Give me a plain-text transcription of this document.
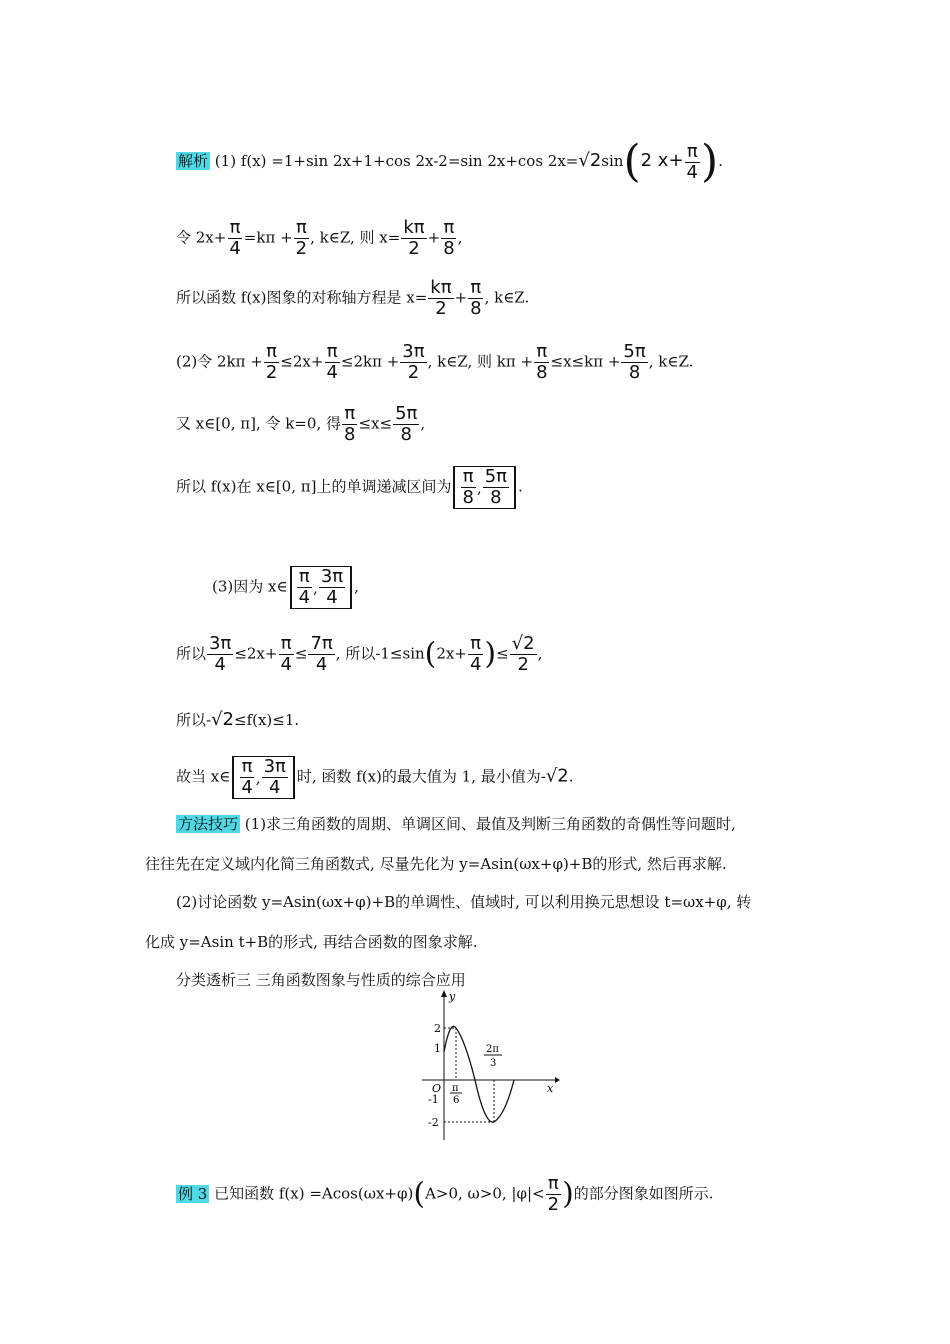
解析 (1) f(x) =1+sin 2x+1+cos 2x-2=sin 2x+cos 2x=√2sin(2 $x+ \frac{\pi}{4}$ ).
令 $2x+ \frac{\pi}{4} =k\pi + \frac{\pi}{2}$ , k∈Z, 则 $x= \frac{k\pi}{2} + \frac{\pi}{8}$ ,
所以函数 f(x)图象的对称轴方程是 $x= \frac{k\pi}{2} + \frac{\pi}{8}$ , k∈Z.
(2)令 $2k\pi + \frac{\pi}{2} \le 2x+ \frac{\pi}{4} \le 2k\pi + \frac{3\pi}{2}$ , k∈Z, 则 $k\pi + \frac{\pi}{8} \le x\le k\pi + \frac{5\pi}{8}$ , k∈Z.
又 x∈[0, π], 令 k=0, 得 $\frac{\pi}{8} \le x\le \frac{5\pi}{8}$ ,
所以 f(x)在 x∈[0, π]上的单调递减区间为 $\frac{\pi}{8}$ , $\frac{5\pi}{8}$ .
(3)因为 x∈ $\frac{\pi}{4}$ , $\frac{3\pi}{4}$ ,
所以 $\frac{3\pi}{4} \le 2x+ \frac{\pi}{4} \le \frac{7\pi}{4}$ , 所以$-1\le\sin(2x+ \frac{\pi}{4}$ )≤ $\frac{√2}{2}$ ,
所以-√2≤f(x)≤1.
故当 x∈ $\frac{\pi}{4}$ , $\frac{3\pi}{4}$ 时, 函数 f(x)的最大值为 1, 最小值为-√2.
方法技巧 (1)求三角函数的周期、单调区间、最值及判断三角函数的奇偶性等问题时,
往往先在定义域内化简三角函数式, 尽量先化为 y=Asin(ωx+φ)+B的形式, 然后再求解.
(2)讨论函数 y=Asin(ωx+φ)+B的单调性、值域时, 可以利用换元思想设 t=ωx+φ, 转
化成 y=Asin t+B的形式, 再结合函数的图象求解.
分类透析三 三角函数图象与性质的综合应用
y
x
O
2
1
-1
-2
π
6
2π
3
例 3 已知函数 f(x) =Acos(ωx+φ)(A>0, ω>0, $|\varphi|< \frac{\pi}{2}$ )的部分图象如图所示.
